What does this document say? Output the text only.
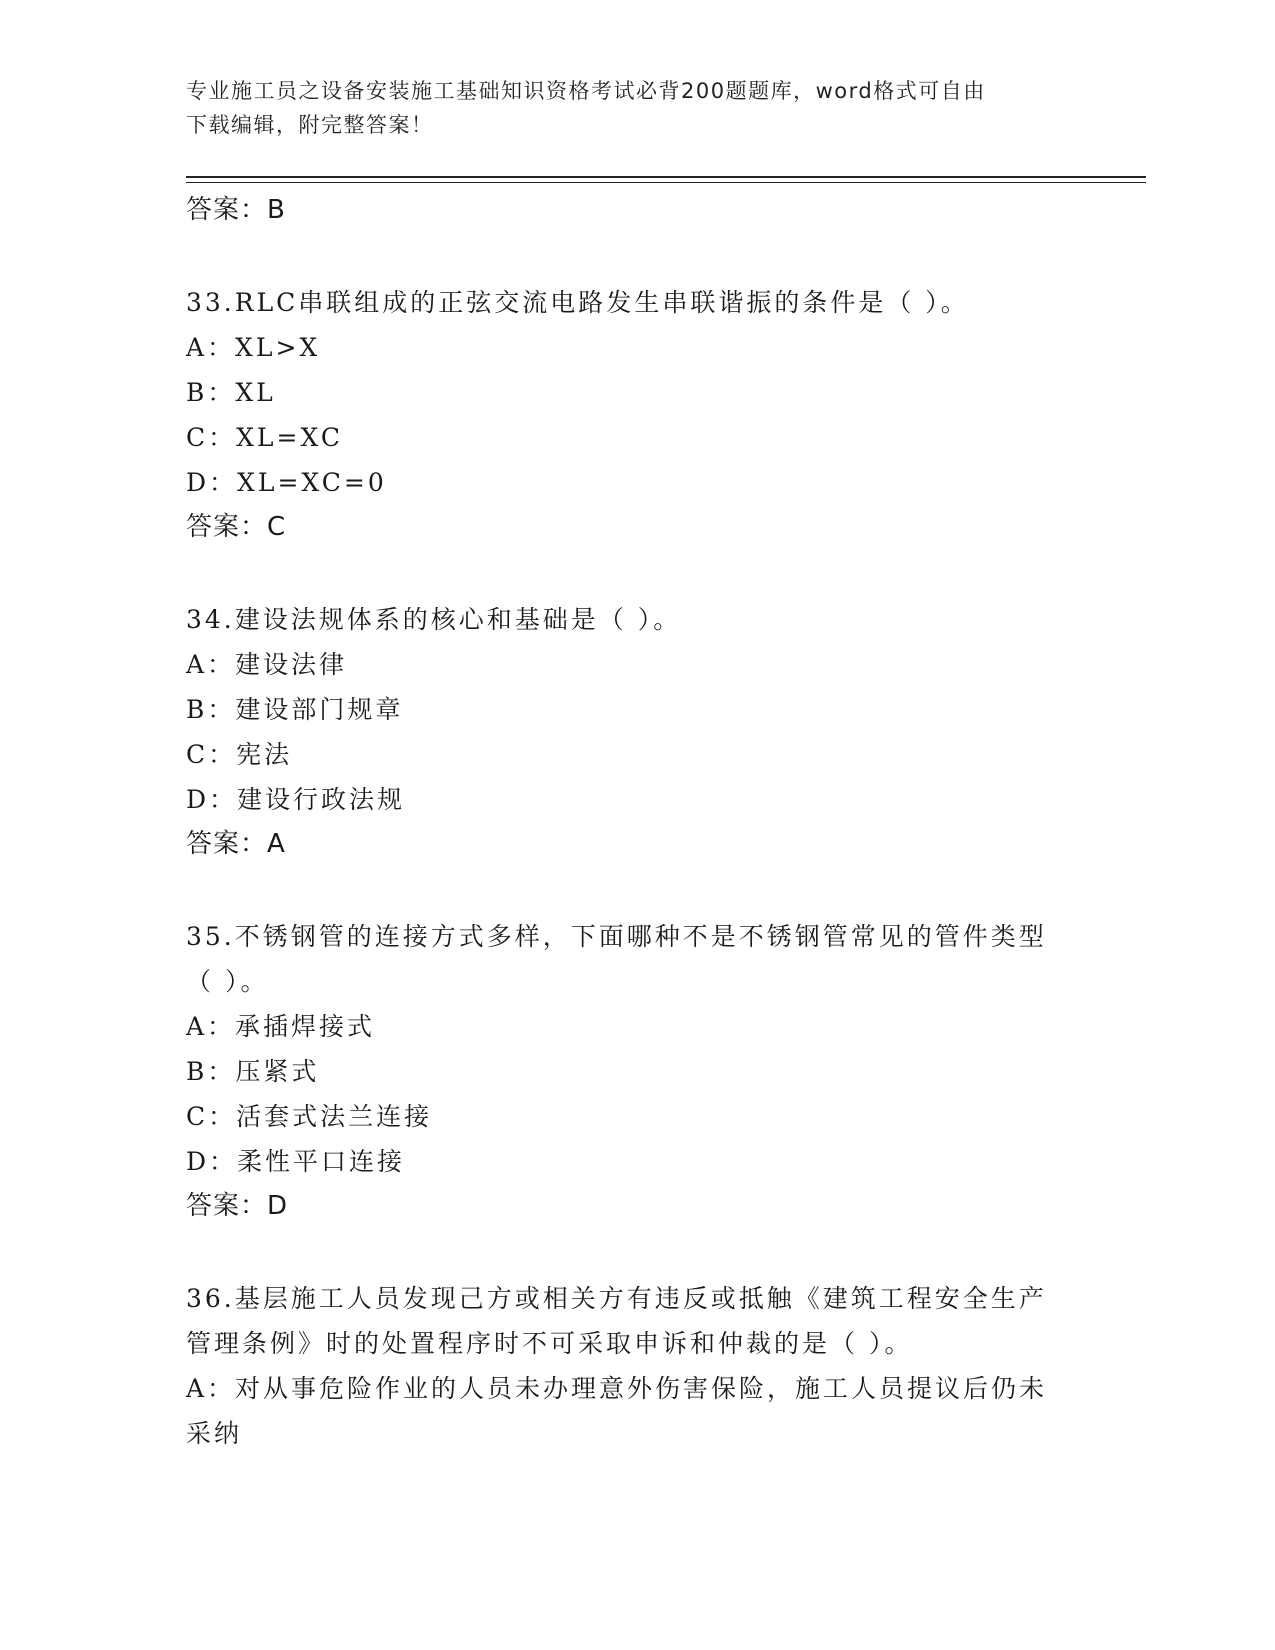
专业施工员之设备安装施工基础知识资格考试必背200题题库，word格式可自由
下载编辑，附完整答案！

答案：B

33.RLC串联组成的正弦交流电路发生串联谐振的条件是（ ）。

A：XL>X

B：XL

C：XL=XC

D：XL=XC=0

答案：C

34.建设法规体系的核心和基础是（ ）。

A：建设法律

B：建设部门规章

C：宪法

D：建设行政法规

答案：A

35.不锈钢管的连接方式多样，下面哪种不是不锈钢管常见的管件类型

（ ）。

A：承插焊接式

B：压紧式

C：活套式法兰连接

D：柔性平口连接

答案：D

36.基层施工人员发现己方或相关方有违反或抵触《建筑工程安全生产

管理条例》时的处置程序时不可采取申诉和仲裁的是（ ）。

A：对从事危险作业的人员未办理意外伤害保险，施工人员提议后仍未

采纳
